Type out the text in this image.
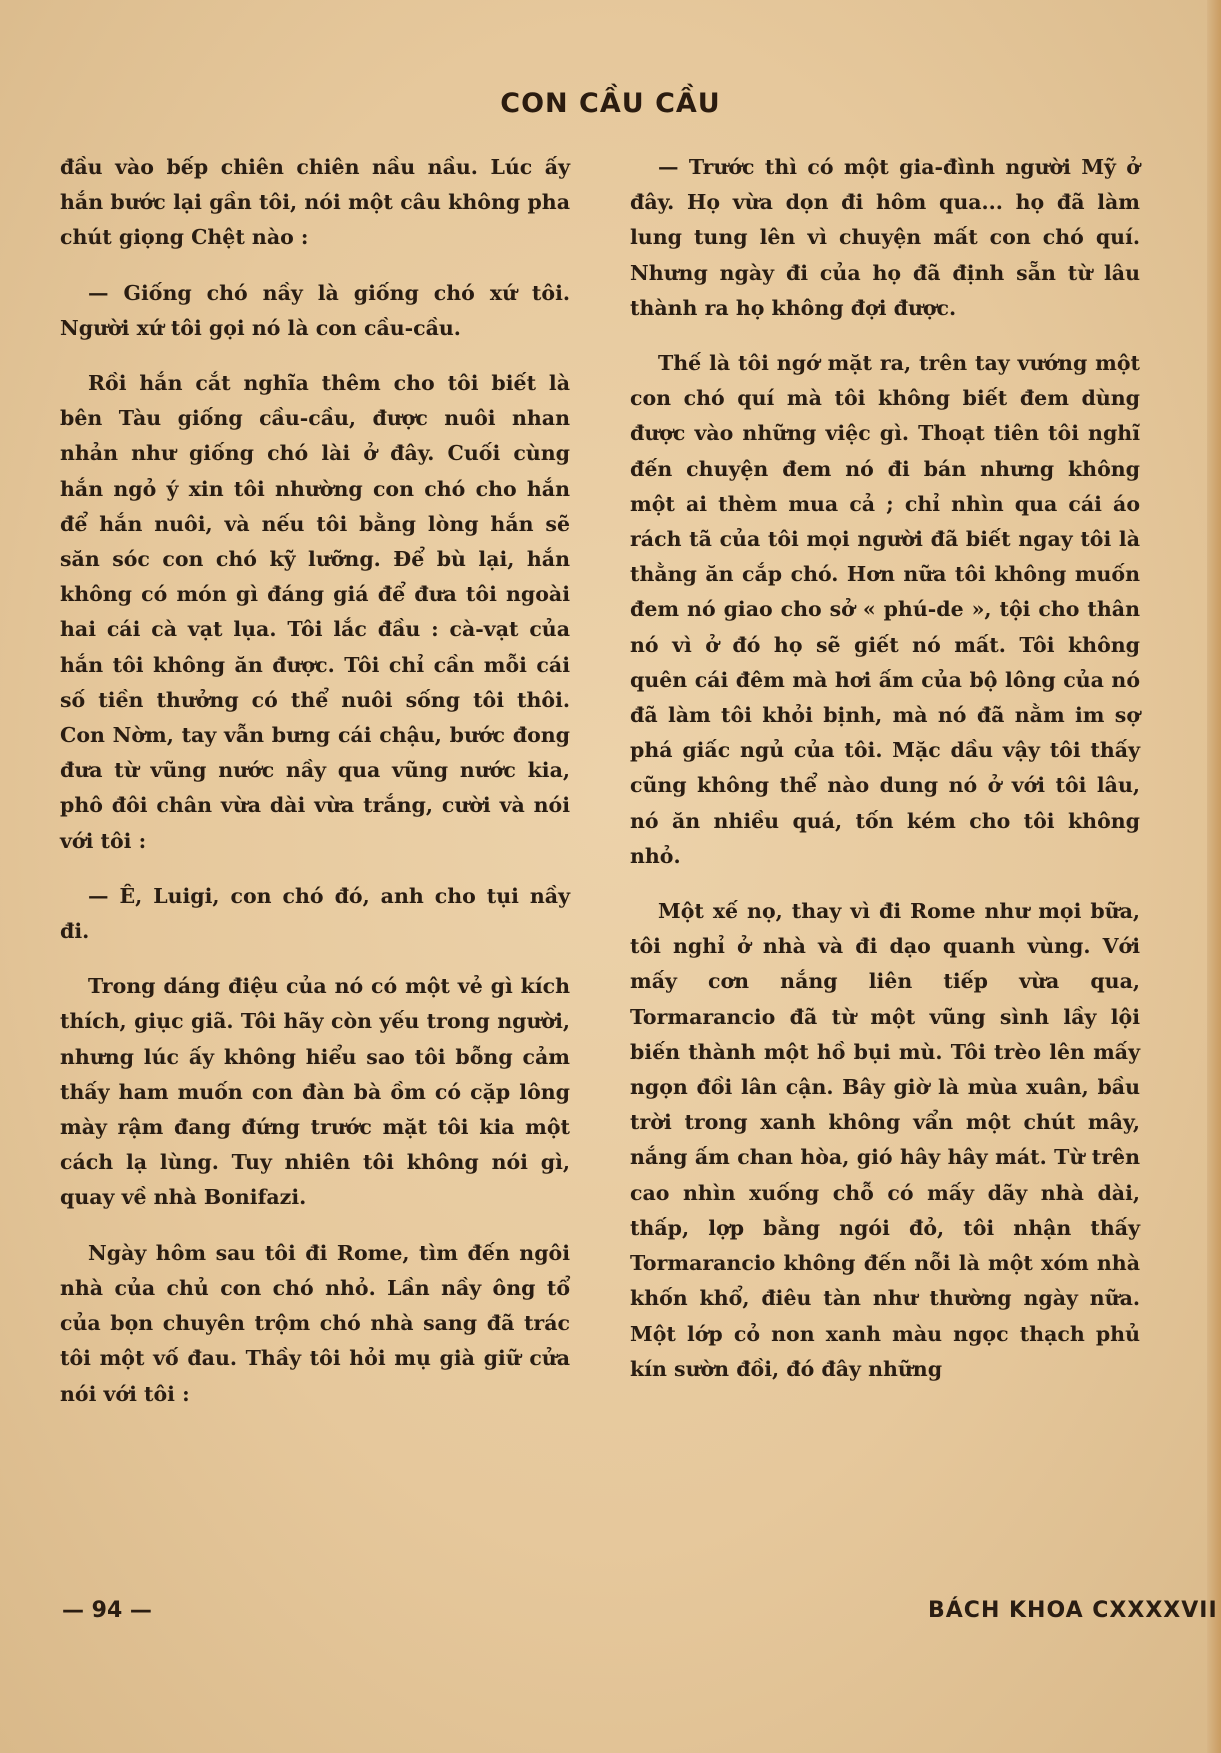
CON CẦU CẦU

đầu vào bếp chiên chiên nầu nầu. Lúc ấy hắn bước lại gần tôi, nói một câu không pha chút giọng Chệt nào :

— Giống chó nầy là giống chó xứ tôi. Người xứ tôi gọi nó là con cầu-cầu.

Rồi hắn cắt nghĩa thêm cho tôi biết là bên Tàu giống cầu-cầu, được nuôi nhan nhản như giống chó lài ở đây. Cuối cùng hắn ngỏ ý xin tôi nhường con chó cho hắn để hắn nuôi, và nếu tôi bằng lòng hắn sẽ săn sóc con chó kỹ lưỡng. Để bù lại, hắn không có món gì đáng giá để đưa tôi ngoài hai cái cà vạt lụa. Tôi lắc đầu : cà-vạt của hắn tôi không ăn được. Tôi chỉ cần mỗi cái số tiền thưởng có thể nuôi sống tôi thôi. Con Nờm, tay vẫn bưng cái chậu, bước đong đưa từ vũng nước nầy qua vũng nước kia, phô đôi chân vừa dài vừa trắng, cười và nói với tôi :

— Ê, Luigi, con chó đó, anh cho tụi nầy đi.

Trong dáng điệu của nó có một vẻ gì kích thích, giục giã. Tôi hãy còn yếu trong người, nhưng lúc ấy không hiểu sao tôi bỗng cảm thấy ham muốn con đàn bà ồm có cặp lông mày rậm đang đứng trước mặt tôi kia một cách lạ lùng. Tuy nhiên tôi không nói gì, quay về nhà Bonifazi.

Ngày hôm sau tôi đi Rome, tìm đến ngôi nhà của chủ con chó nhỏ. Lần nầy ông tổ của bọn chuyên trộm chó nhà sang đã trác tôi một vố đau. Thầy tôi hỏi mụ già giữ cửa nói với tôi :

— Trước thì có một gia-đình người Mỹ ở đây. Họ vừa dọn đi hôm qua... họ đã làm lung tung lên vì chuyện mất con chó quí. Nhưng ngày đi của họ đã định sẵn từ lâu thành ra họ không đợi được.

Thế là tôi ngớ mặt ra, trên tay vướng một con chó quí mà tôi không biết đem dùng được vào những việc gì. Thoạt tiên tôi nghĩ đến chuyện đem nó đi bán nhưng không một ai thèm mua cả ; chỉ nhìn qua cái áo rách tã của tôi mọi người đã biết ngay tôi là thằng ăn cắp chó. Hơn nữa tôi không muốn đem nó giao cho sở « phú-de », tội cho thân nó vì ở đó họ sẽ giết nó mất. Tôi không quên cái đêm mà hơi ấm của bộ lông của nó đã làm tôi khỏi bịnh, mà nó đã nằm im sợ phá giấc ngủ của tôi. Mặc dầu vậy tôi thấy cũng không thể nào dung nó ở với tôi lâu, nó ăn nhiều quá, tốn kém cho tôi không nhỏ.

Một xế nọ, thay vì đi Rome như mọi bữa, tôi nghỉ ở nhà và đi dạo quanh vùng. Với mấy cơn nắng liên tiếp vừa qua, Tormarancio đã từ một vũng sình lầy lội biến thành một hồ bụi mù. Tôi trèo lên mấy ngọn đồi lân cận. Bây giờ là mùa xuân, bầu trời trong xanh không vẩn một chút mây, nắng ấm chan hòa, gió hây hây mát. Từ trên cao nhìn xuống chỗ có mấy dãy nhà dài, thấp, lợp bằng ngói đỏ, tôi nhận thấy Tormarancio không đến nỗi là một xóm nhà khốn khổ, điêu tàn như thường ngày nữa. Một lớp cỏ non xanh màu ngọc thạch phủ kín sườn đồi, đó đây những

— 94 —	BÁCH KHOA CXXXXVII
